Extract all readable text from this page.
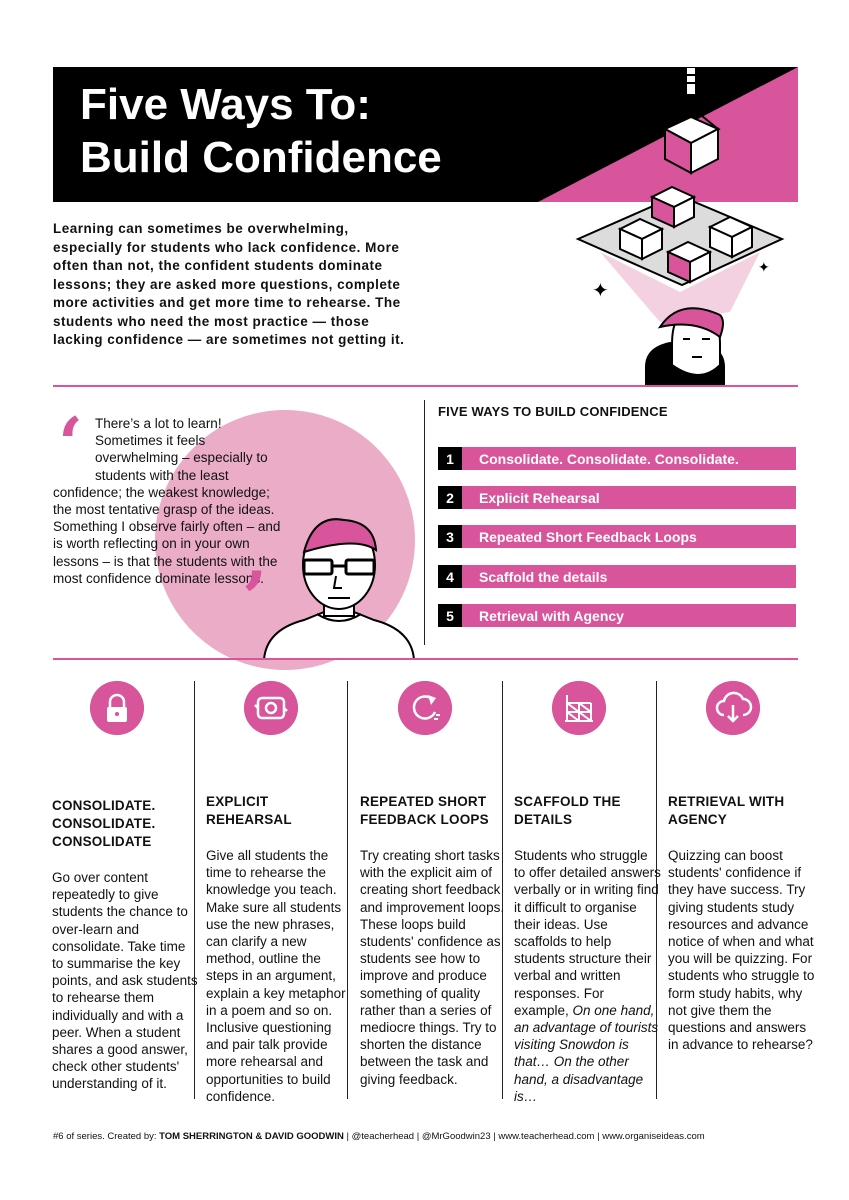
Five Ways To:
Build Confidence
✦
✦

Learning can sometimes be overwhelming, especially for students who lack confidence. More often than not, the confident students dominate lessons; they are asked more questions, complete more activities and get more time to rehearse. The students who need the most practice — those lacking confidence — are sometimes not getting it.

‘ There’s a lot to learn! Sometimes it feels overwhelming – especially to students with the least confidence; the weakest knowledge; the most tentative grasp of the ideas. Something I observe fairly often – and is worth reflecting on in your own lessons – is that the students with the most confidence dominate lessons.

’
FIVE WAYS TO BUILD CONFIDENCE
1	Consolidate. Consolidate. Consolidate.
2	Explicit Rehearsal
3	Repeated Short Feedback Loops
4	Scaffold the details
5	Retrieval with Agency
CONSOLIDATE. CONSOLIDATE. CONSOLIDATE

Go over content repeatedly to give students the chance to over-learn and consolidate. Take time to summarise the key points, and ask students to rehearse them individually and with a peer. When a student shares a good answer, check other students' understanding of it.

EXPLICIT REHEARSAL

Give all students the time to rehearse the knowledge you teach. Make sure all students use the new phrases, can clarify a new method, outline the steps in an argument, explain a key metaphor in a poem and so on. Inclusive questioning and pair talk provide more rehearsal and opportunities to build confidence.

REPEATED SHORT FEEDBACK LOOPS

Try creating short tasks with the explicit aim of creating short feedback and improvement loops. These loops build students' confidence as students see how to improve and produce something of quality rather than a series of mediocre things. Try to shorten the distance between the task and giving feedback.

SCAFFOLD THE DETAILS

Students who struggle to offer detailed answers verbally or in writing find it difficult to organise their ideas. Use scaffolds to help students structure their verbal and written responses. For example, On one hand, an advantage of tourists visiting Snowdon is that… On the other hand, a disadvantage is…

RETRIEVAL WITH AGENCY

Quizzing can boost students' confidence if they have success. Try giving students study resources and advance notice of when and what you will be quizzing. For students who struggle to form study habits, why not give them the questions and answers in advance to rehearse?

#6 of series. Created by: TOM SHERRINGTON & DAVID GOODWIN | @teacherhead | @MrGoodwin23 | www.teacherhead.com | www.organiseideas.com
